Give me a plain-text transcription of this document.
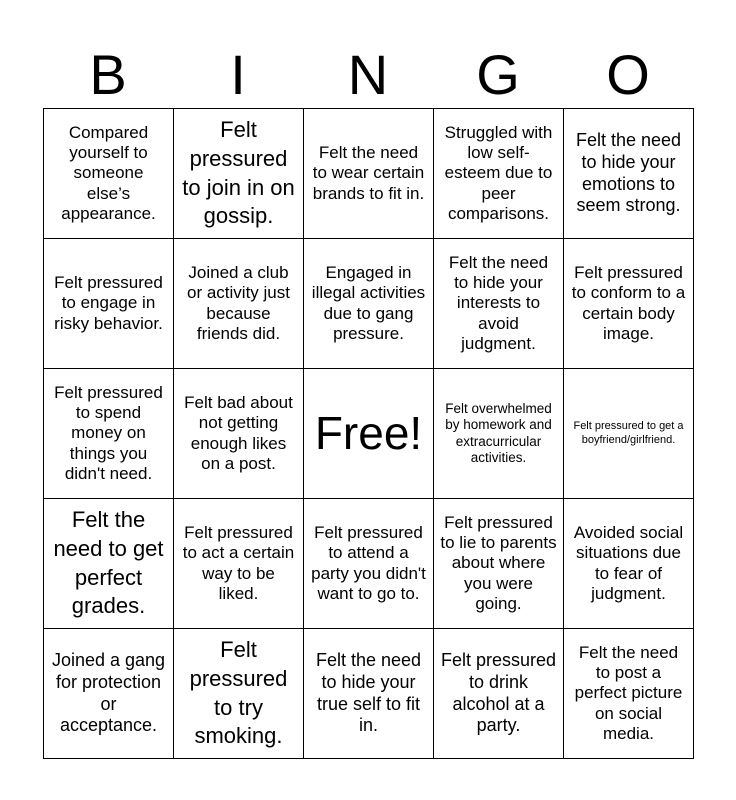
B	I	N	G	O
Compared yourself to someone else’s appearance.	Felt pressured to join in on gossip.	Felt the need to wear certain brands to fit in.	Struggled with low self-esteem due to peer comparisons.	Felt the need to hide your emotions to seem strong.
Felt pressured to engage in risky behavior.	Joined a club or activity just because friends did.	Engaged in illegal activities due to gang pressure.	Felt the need to hide your interests to avoid judgment.	Felt pressured to conform to a certain body image.
Felt pressured to spend money on things you didn't need.	Felt bad about not getting enough likes on a post.	Free!	Felt overwhelmed by homework and extracurricular activities.	Felt pressured to get a boyfriend/girlfriend.
Felt the need to get perfect grades.	Felt pressured to act a certain way to be liked.	Felt pressured to attend a party you didn't want to go to.	Felt pressured to lie to parents about where you were going.	Avoided social situations due to fear of judgment.
Joined a gang for protection or acceptance.	Felt pressured to try smoking.	Felt the need to hide your true self to fit in.	Felt pressured to drink alcohol at a party.	Felt the need to post a perfect picture on social media.
